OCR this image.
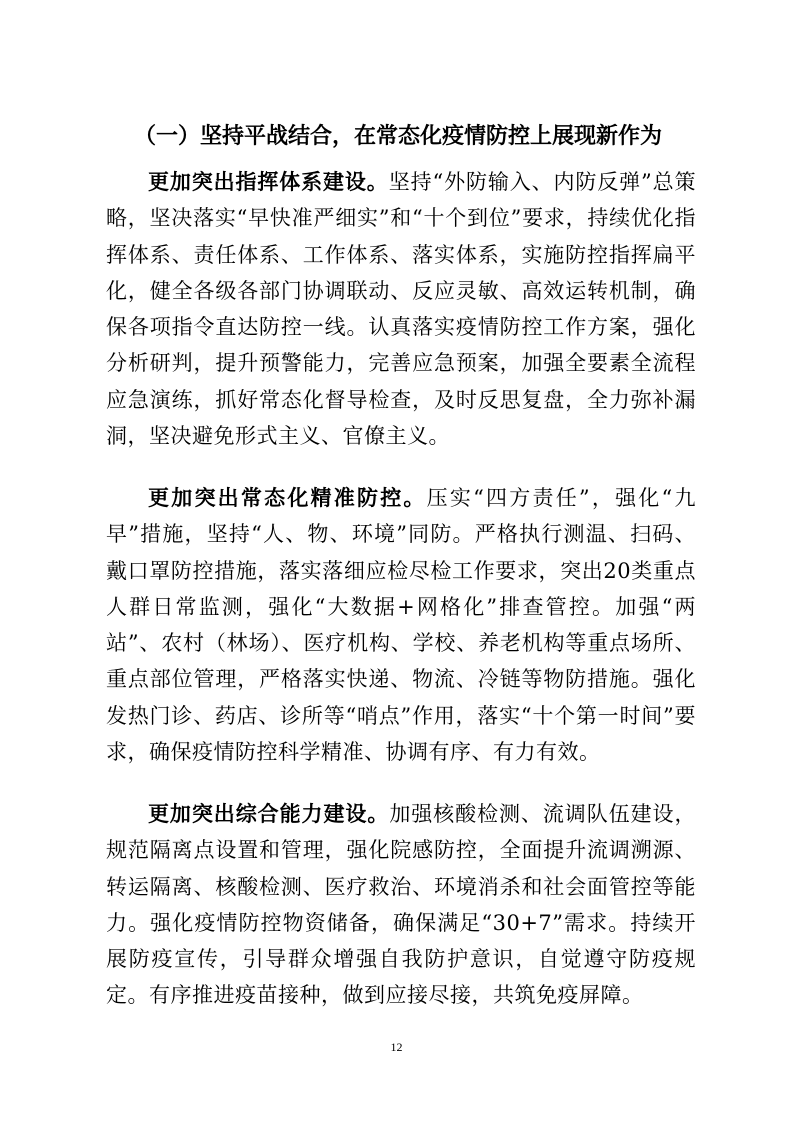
（一）坚持平战结合，在常态化疫情防控上展现新作为

更加突出指挥体系建设。坚持“外防输入、内防反弹”总策略，坚决落实“早快准严细实”和“十个到位”要求，持续优化指挥体系、责任体系、工作体系、落实体系，实施防控指挥扁平化，健全各级各部门协调联动、反应灵敏、高效运转机制，确保各项指令直达防控一线。认真落实疫情防控工作方案，强化分析研判，提升预警能力，完善应急预案，加强全要素全流程应急演练，抓好常态化督导检查，及时反思复盘，全力弥补漏洞，坚决避免形式主义、官僚主义。

更加突出常态化精准防控。压实“四方责任”，强化“九早”措施，坚持“人、物、环境”同防。严格执行测温、扫码、戴口罩防控措施，落实落细应检尽检工作要求，突出20类重点人群日常监测，强化“大数据+网格化”排查管控。加强“两站”、农村（林场）、医疗机构、学校、养老机构等重点场所、重点部位管理，严格落实快递、物流、冷链等物防措施。强化发热门诊、药店、诊所等“哨点”作用，落实“十个第一时间”要求，确保疫情防控科学精准、协调有序、有力有效。

更加突出综合能力建设。加强核酸检测、流调队伍建设，规范隔离点设置和管理，强化院感防控，全面提升流调溯源、转运隔离、核酸检测、医疗救治、环境消杀和社会面管控等能力。强化疫情防控物资储备，确保满足“30+7”需求。持续开展防疫宣传，引导群众增强自我防护意识，自觉遵守防疫规定。有序推进疫苗接种，做到应接尽接，共筑免疫屏障。

12
